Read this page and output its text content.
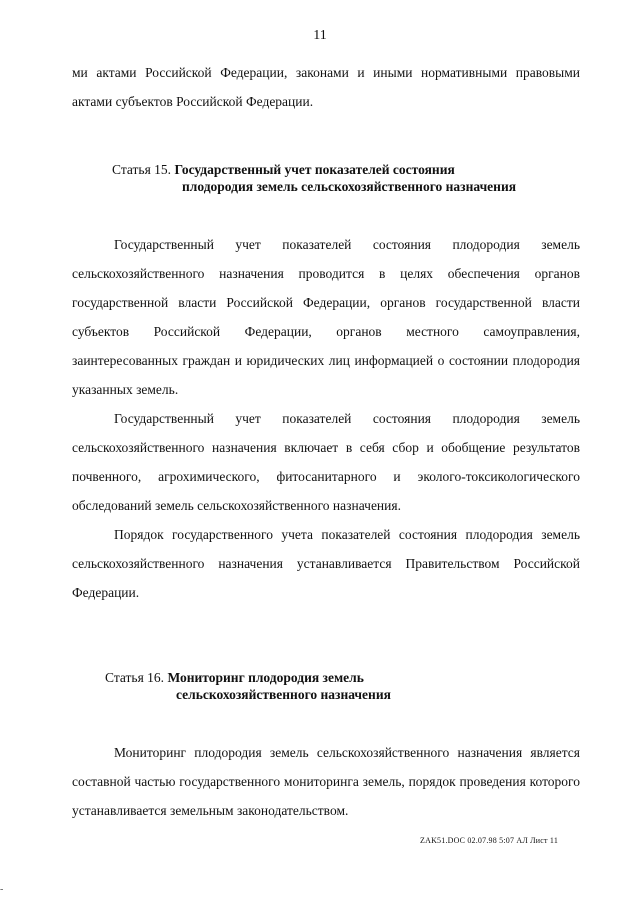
11

ми актами Российской Федерации, законами и иными нормативными правовыми актами субъектов Российской Федерации.

Статья 15. Государственный учет показателей состояния
плодородия земель сельскохозяйственного назначения

Государственный учет показателей состояния плодородия земель сельскохозяйственного назначения проводится в целях обеспечения органов государственной власти Российской Федерации, органов государственной власти субъектов Российской Федерации, органов местного самоуправления, заинтересованных граждан и юридических лиц информацией о состоянии плодородия указанных земель.

Государственный учет показателей состояния плодородия земель сельскохозяйственного назначения включает в себя сбор и обобщение результатов почвенного, агрохимического, фитосанитарного и эколого-токсикологического обследований земель сельскохозяйственного назначения.

Порядок государственного учета показателей состояния плодородия земель сельскохозяйственного назначения устанавливается Правительством Российской Федерации.

Статья 16. Мониторинг плодородия земель
сельскохозяйственного назначения

Мониторинг плодородия земель сельскохозяйственного назначения является составной частью государственного мониторинга земель, порядок проведения которого устанавливается земельным законодательством.

ZAK51.DOC 02.07.98 5:07 АЛ Лист 11
-
